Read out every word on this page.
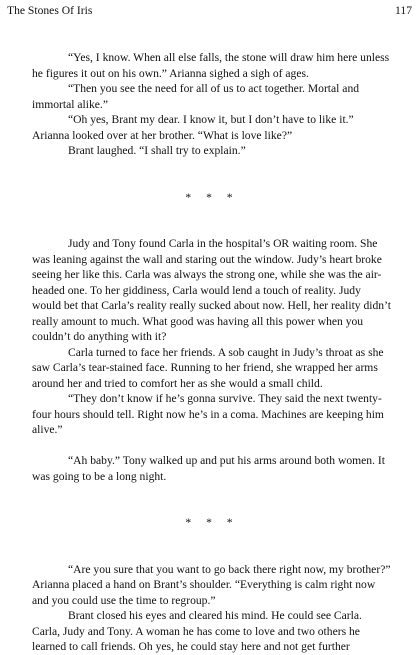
The Stones Of Iris	117

“Yes, I know. When all else falls, the stone will draw him here unless he figures it out on his own.” Arianna sighed a sigh of ages.

“Then you see the need for all of us to act together. Mortal and immortal alike.”

“Oh yes, Brant my dear. I know it, but I don’t have to like it.” Arianna looked over at her brother. “What is love like?”

Brant laughed. “I shall try to explain.”

* * *

Judy and Tony found Carla in the hospital’s OR waiting room. She was leaning against the wall and staring out the window. Judy’s heart broke seeing her like this. Carla was always the strong one, while she was the air-headed one. To her giddiness, Carla would lend a touch of reality. Judy would bet that Carla’s reality really sucked about now. Hell, her reality didn’t really amount to much. What good was having all this power when you couldn’t do anything with it?

Carla turned to face her friends. A sob caught in Judy’s throat as she saw Carla’s tear-stained face. Running to her friend, she wrapped her arms around her and tried to comfort her as she would a small child.

“They don’t know if he’s gonna survive. They said the next twenty-four hours should tell. Right now he’s in a coma. Machines are keeping him alive.”

“Ah baby.” Tony walked up and put his arms around both women. It was going to be a long night.

* * *

“Are you sure that you want to go back there right now, my brother?” Arianna placed a hand on Brant’s shoulder. “Everything is calm right now and you could use the time to regroup.”

Brant closed his eyes and cleared his mind. He could see Carla. Carla, Judy and Tony. A woman he has come to love and two others he learned to call friends. Oh yes, he could stay here and not get further
